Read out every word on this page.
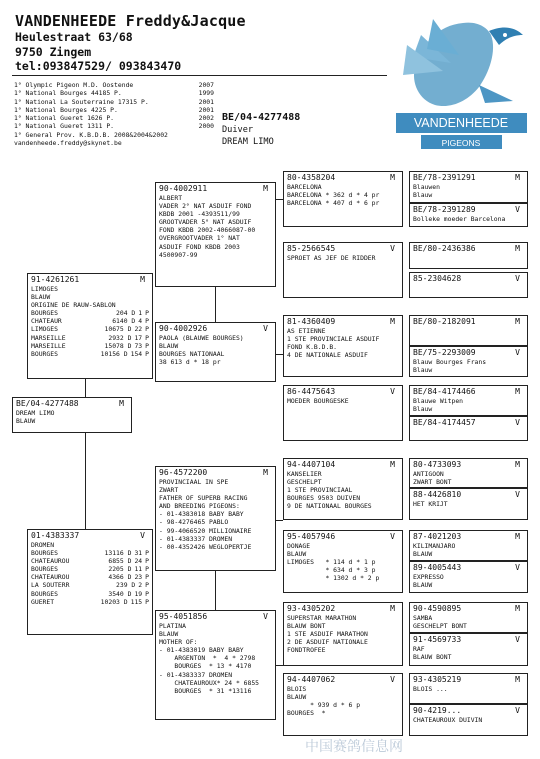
VANDENHEEDE Freddy&Jacque
Heulestraat 63/68
9750 Zingem
tel:093847529/ 093843470
1° Olympic Pigeon M.D. Oostende	2007
1° National Bourges 44185 P.	1999
1° National La Souterraine 17315 P.	2001
1° National Bourges 4225 P.	2001
1° National Gueret 1626 P.	2002
1° National Gueret 1311 P.	2000
1° General Prov. K.B.D.B. 2008&2004&2002
vandenheede.freddy@skynet.be
BE/04-4277488
Duiver
DREAM LIMO
VANDENHEEDE
PIGEONS
BE/04-4277488	M
DREAM LIMO
BLAUW
91-4261261	M
LIMOGES
BLAUW
ORIGINE DE RAUW-SABLON
BOURGES	204 D 1 P
CHATEAUR	6140 D 4 P
LIMOGES	10675 D 22 P
MARSEILLE	2932 D 17 P
MARSEILLE	15078 D 73 P
BOURGES	10156 D 154 P
01-4383337	V
DROMEN
BOURGES	13116 D 31 P
CHATEAUROU	6855 D 24 P
BOURGES	2205 D 11 P
CHATEAUROU	4366 D 23 P
LA SOUTERR	239 D 2 P
BOURGES	3540 D 19 P
GUERET	10203 D 115 P
90-4002911	M
ALBERT
VADER 2° NAT ASDUIF FOND
KBDB 2001 -4393511/99
GROOTVADER 5° NAT ASDUIF
FOND KBDB 2002-4066087-00
OVERGROOTVADER 1° NAT
ASDUIF FOND KBDB 2003
4500907-99
90-4002926	V
PAOLA (BLAUWE BOURGES)
BLAUW
BOURGES NATIONAAL
38 613 d * 18 pr
96-4572200	M
PROVINCIAAL IN SPE
ZWART
FATHER OF SUPERB RACING
AND BREEDING PIGEONS:
- 01-4383018 BABY BABY
- 98-4276465 PABLO
- 99-4066520 MILLIONAIRE
- 01-4383337 DROMEN
- 00-4352426 WEGLOPERTJE
95-4051856	V
PLATINA
BLAUW
MOTHER OF:
- 01-4383019 BABY BABY
ARGENTON  *  4 * 2798
BOURGES  * 13 * 4170
- 01-4383337 DROMEN
CHATEAUROUX* 24 * 6855
BOURGES  * 31 *13116
80-4358204	M
BARCELONA
BARCELONA * 362 d * 4 pr
BARCELONA * 407 d * 6 pr
85-2566545	V
SPROET AS JEF DE RIDDER
81-4360409	M
AS ETIENNE
1 STE PROVINCIALE ASDUIF
FOND K.B.D.B.
4 DE NATIONALE ASDUIF
86-4475643	V
MOEDER BOURGESKE
94-4407104	M
KANSELIER
GESCHELPT
1 STE PROVINCIAAL
BOURGES 9503 DUIVEN
9 DE NATIONAAL BOURGES
95-4057946	V
DONAGE
BLAUW
LIMOGES   * 114 d * 1 p
* 634 d * 3 p
* 1302 d * 2 p
93-4305202	M
SUPERSTAR MARATHON
BLAUW BONT
1 STE ASDUIF MARATHON
2 DE ASDUIF NATIONALE
FONDTROFEE
94-4407062	V
BLOIS
BLAUW
* 939 d * 6 p
BOURGES  *
BE/78-2391291	M
Blauwen
Blauw
BE/78-2391289	V
Bolleke moeder Barcelona
BE/80-2436386	M
85-2304628	V
BE/80-2182091	M
BE/75-2293009	V
Blauw Bourges Frans
Blauw
BE/84-4174466	M
Blauwe Witpen
Blauw
BE/84-4174457	V
80-4733093	M
ANTIGOON
ZWART BONT
88-4426810	V
HET KRIJT
87-4021203	M
KILIMANJARO
BLAUW
89-4005443	V
EXPRESSO
BLAUW
90-4590895	M
SAMBA
GESCHELPT BONT
91-4569733	V
RAF
BLAUW BONT
93-4305219	M
BLOIS ...
90-4219...	V
CHATEAUROUX DUIVIN
中国赛鸽信息网
